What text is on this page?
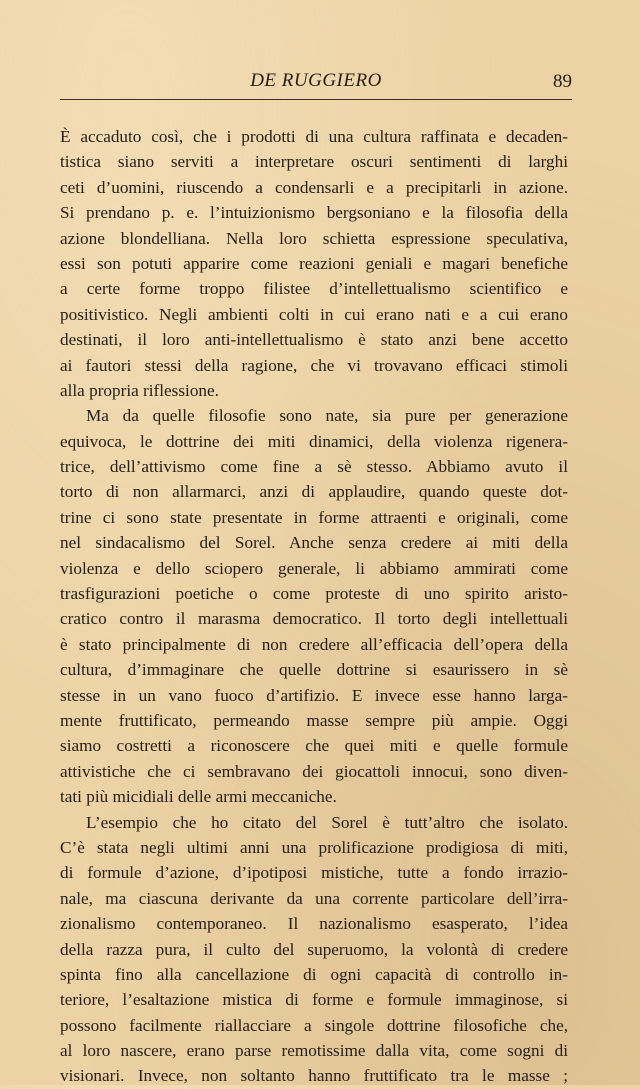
DE RUGGIERO	89
È accaduto così, che i prodotti di una cultura raffinata e decaden-
tistica siano serviti a interpretare oscuri sentimenti di larghi
ceti d’uomini, riuscendo a condensarli e a precipitarli in azione.
Si prendano p. e. l’intuizionismo bergsoniano e la filosofia della
azione blondelliana. Nella loro schietta espressione speculativa,
essi son potuti apparire come reazioni geniali e magari benefiche
a certe forme troppo filistee d’intellettualismo scientifico e
positivistico. Negli ambienti colti in cui erano nati e a cui erano
destinati, il loro anti-intellettualismo è stato anzi bene accetto
ai fautori stessi della ragione, che vi trovavano efficaci stimoli
alla propria riflessione.
Ma da quelle filosofie sono nate, sia pure per generazione
equivoca, le dottrine dei miti dinamici, della violenza rigenera-
trice, dell’attivismo come fine a sè stesso. Abbiamo avuto il
torto di non allarmarci, anzi di applaudire, quando queste dot-
trine ci sono state presentate in forme attraenti e originali, come
nel sindacalismo del Sorel. Anche senza credere ai miti della
violenza e dello sciopero generale, li abbiamo ammirati come
trasfigurazioni poetiche o come proteste di uno spirito aristo-
cratico contro il marasma democratico. Il torto degli intellettuali
è stato principalmente di non credere all’efficacia dell’opera della
cultura, d’immaginare che quelle dottrine si esaurissero in sè
stesse in un vano fuoco d’artifizio. E invece esse hanno larga-
mente fruttificato, permeando masse sempre più ampie. Oggi
siamo costretti a riconoscere che quei miti e quelle formule
attivistiche che ci sembravano dei giocattoli innocui, sono diven-
tati più micidiali delle armi meccaniche.
L’esempio che ho citato del Sorel è tutt’altro che isolato.
C’è stata negli ultimi anni una prolificazione prodigiosa di miti,
di formule d’azione, d’ipotiposi mistiche, tutte a fondo irrazio-
nale, ma ciascuna derivante da una corrente particolare dell’irra-
zionalismo contemporaneo. Il nazionalismo esasperato, l’idea
della razza pura, il culto del superuomo, la volontà di credere
spinta fino alla cancellazione di ogni capacità di controllo in-
teriore, l’esaltazione mistica di forme e formule immaginose, si
possono facilmente riallacciare a singole dottrine filosofiche che,
al loro nascere, erano parse remotissime dalla vita, come sogni di
visionari. Invece, non soltanto hanno fruttificato tra le masse ;
